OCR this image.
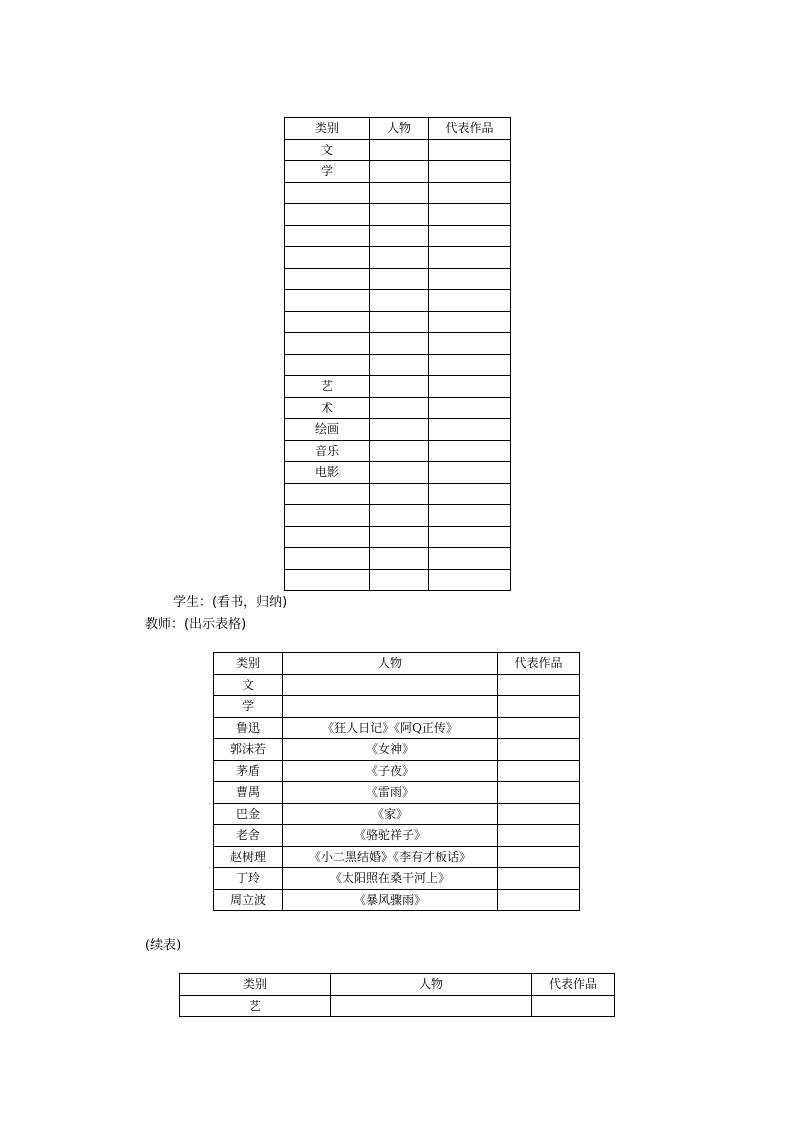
类别	人物	代表作品
文		
学		

艺		
术		
绘画		
音乐		
电影		

学生：(看书，归纳)
教师：(出示表格)
类别	人物	代表作品
文		
学		
鲁迅	《狂人日记》《阿Q正传》	
郭沫若	《女神》	
茅盾	《子夜》	
曹禺	《雷雨》	
巴金	《家》	
老舍	《骆驼祥子》	
赵树理	《小二黑结婚》《李有才板话》	
丁玲	《太阳照在桑干河上》	
周立波	《暴风骤雨》	
(续表)
类别	人物	代表作品
艺		
